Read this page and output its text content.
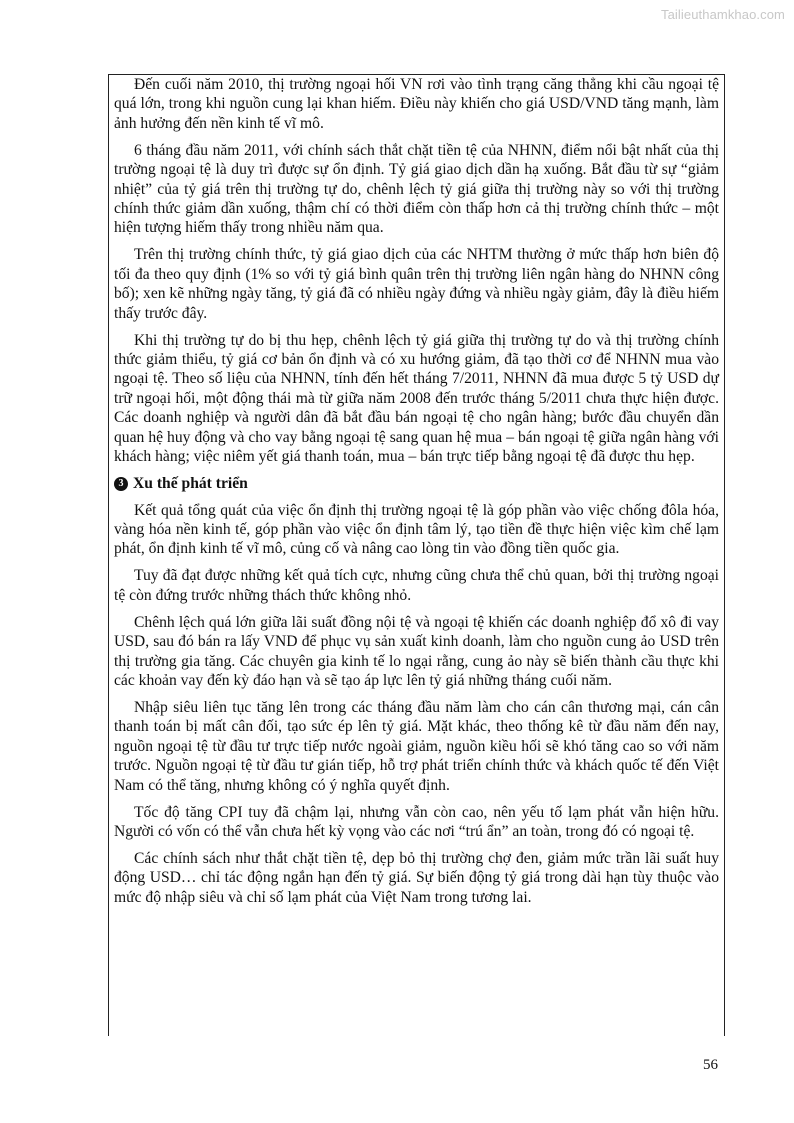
Tailieuthamkhao.com

Đến cuối năm 2010, thị trường ngoại hối VN rơi vào tình trạng căng thẳng khi cầu ngoại tệ quá lớn, trong khi nguồn cung lại khan hiếm. Điều này khiến cho giá USD/VND tăng mạnh, làm ảnh hưởng đến nền kinh tế vĩ mô.

6 tháng đầu năm 2011, với chính sách thắt chặt tiền tệ của NHNN, điểm nổi bật nhất của thị trường ngoại tệ là duy trì được sự ổn định. Tỷ giá giao dịch dần hạ xuống. Bắt đầu từ sự “giảm nhiệt” của tỷ giá trên thị trường tự do, chênh lệch tỷ giá giữa thị trường này so với thị trường chính thức giảm dần xuống, thậm chí có thời điểm còn thấp hơn cả thị trường chính thức – một hiện tượng hiếm thấy trong nhiều năm qua.

Trên thị trường chính thức, tỷ giá giao dịch của các NHTM thường ở mức thấp hơn biên độ tối đa theo quy định (1% so với tỷ giá bình quân trên thị trường liên ngân hàng do NHNN công bố); xen kẽ những ngày tăng, tỷ giá đã có nhiều ngày đứng và nhiều ngày giảm, đây là điều hiếm thấy trước đây.

Khi thị trường tự do bị thu hẹp, chênh lệch tỷ giá giữa thị trường tự do và thị trường chính thức giảm thiểu, tỷ giá cơ bản ổn định và có xu hướng giảm, đã tạo thời cơ để NHNN mua vào ngoại tệ. Theo số liệu của NHNN, tính đến hết tháng 7/2011, NHNN đã mua được 5 tỷ USD dự trữ ngoại hối, một động thái mà từ giữa năm 2008 đến trước tháng 5/2011 chưa thực hiện được. Các doanh nghiệp và người dân đã bắt đầu bán ngoại tệ cho ngân hàng; bước đầu chuyển dần quan hệ huy động và cho vay bằng ngoại tệ sang quan hệ mua – bán ngoại tệ giữa ngân hàng với khách hàng; việc niêm yết giá thanh toán, mua – bán trực tiếp bằng ngoại tệ đã được thu hẹp.

3 Xu thế phát triển

Kết quả tổng quát của việc ổn định thị trường ngoại tệ là góp phần vào việc chống đôla hóa, vàng hóa nền kinh tế, góp phần vào việc ổn định tâm lý, tạo tiền đề thực hiện việc kìm chế lạm phát, ổn định kinh tế vĩ mô, củng cố và nâng cao lòng tin vào đồng tiền quốc gia.

Tuy đã đạt được những kết quả tích cực, nhưng cũng chưa thể chủ quan, bởi thị trường ngoại tệ còn đứng trước những thách thức không nhỏ.

Chênh lệch quá lớn giữa lãi suất đồng nội tệ và ngoại tệ khiến các doanh nghiệp đổ xô đi vay USD, sau đó bán ra lấy VND để phục vụ sản xuất kinh doanh, làm cho nguồn cung ảo USD trên thị trường gia tăng. Các chuyên gia kinh tế lo ngại rằng, cung ảo này sẽ biến thành cầu thực khi các khoản vay đến kỳ đáo hạn và sẽ tạo áp lực lên tỷ giá những tháng cuối năm.

Nhập siêu liên tục tăng lên trong các tháng đầu năm làm cho cán cân thương mại, cán cân thanh toán bị mất cân đối, tạo sức ép lên tỷ giá. Mặt khác, theo thống kê từ đầu năm đến nay, nguồn ngoại tệ từ đầu tư trực tiếp nước ngoài giảm, nguồn kiều hối sẽ khó tăng cao so với năm trước. Nguồn ngoại tệ từ đầu tư gián tiếp, hỗ trợ phát triển chính thức và khách quốc tế đến Việt Nam có thể tăng, nhưng không có ý nghĩa quyết định.

Tốc độ tăng CPI tuy đã chậm lại, nhưng vẫn còn cao, nên yếu tố lạm phát vẫn hiện hữu. Người có vốn có thể vẫn chưa hết kỳ vọng vào các nơi “trú ẩn” an toàn, trong đó có ngoại tệ.

Các chính sách như thắt chặt tiền tệ, dẹp bỏ thị trường chợ đen, giảm mức trần lãi suất huy động USD… chỉ tác động ngắn hạn đến tỷ giá. Sự biến động tỷ giá trong dài hạn tùy thuộc vào mức độ nhập siêu và chỉ số lạm phát của Việt Nam trong tương lai.

56
